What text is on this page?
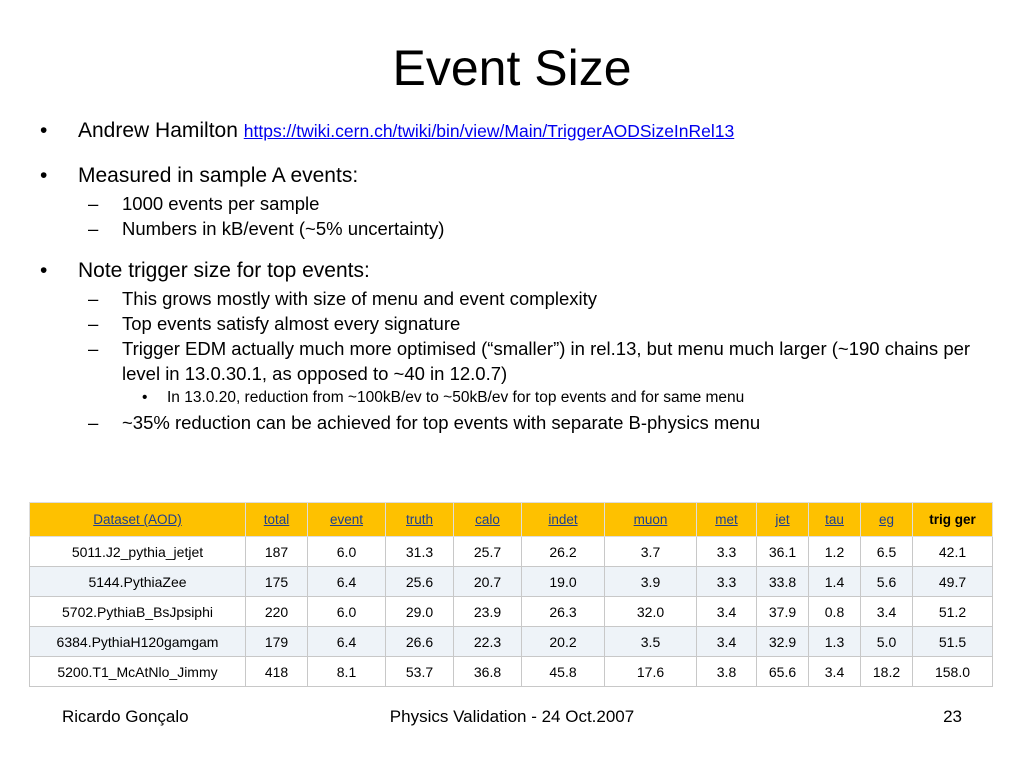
Event Size
• Andrew Hamilton https://twiki.cern.ch/twiki/bin/view/Main/TriggerAODSizeInRel13
• Measured in sample A events:
– 1000 events per sample
– Numbers in kB/event (~5% uncertainty)
• Note trigger size for top events:
– This grows mostly with size of menu and event complexity
– Top events satisfy almost every signature
– Trigger EDM actually much more optimised (“smaller”) in rel.13, but menu much larger (~190 chains per level in 13.0.30.1, as opposed to ~40 in 12.0.7)
• In 13.0.20, reduction from ~100kB/ev to ~50kB/ev for top events and for same menu
– ~35% reduction can be achieved for top events with separate B-physics menu
Dataset (AOD)	total	event	truth	calo	indet	muon	met	jet	tau	eg	trig ger
5011.J2_pythia_jetjet	187	6.0	31.3	25.7	26.2	3.7	3.3	36.1	1.2	6.5	42.1
5144.PythiaZee	175	6.4	25.6	20.7	19.0	3.9	3.3	33.8	1.4	5.6	49.7
5702.PythiaB_BsJpsiphi	220	6.0	29.0	23.9	26.3	32.0	3.4	37.9	0.8	3.4	51.2
6384.PythiaH120gamgam	179	6.4	26.6	22.3	20.2	3.5	3.4	32.9	1.3	5.0	51.5
5200.T1_McAtNlo_Jimmy	418	8.1	53.7	36.8	45.8	17.6	3.8	65.6	3.4	18.2	158.0
Ricardo Gonçalo	Physics Validation - 24 Oct.2007	23
